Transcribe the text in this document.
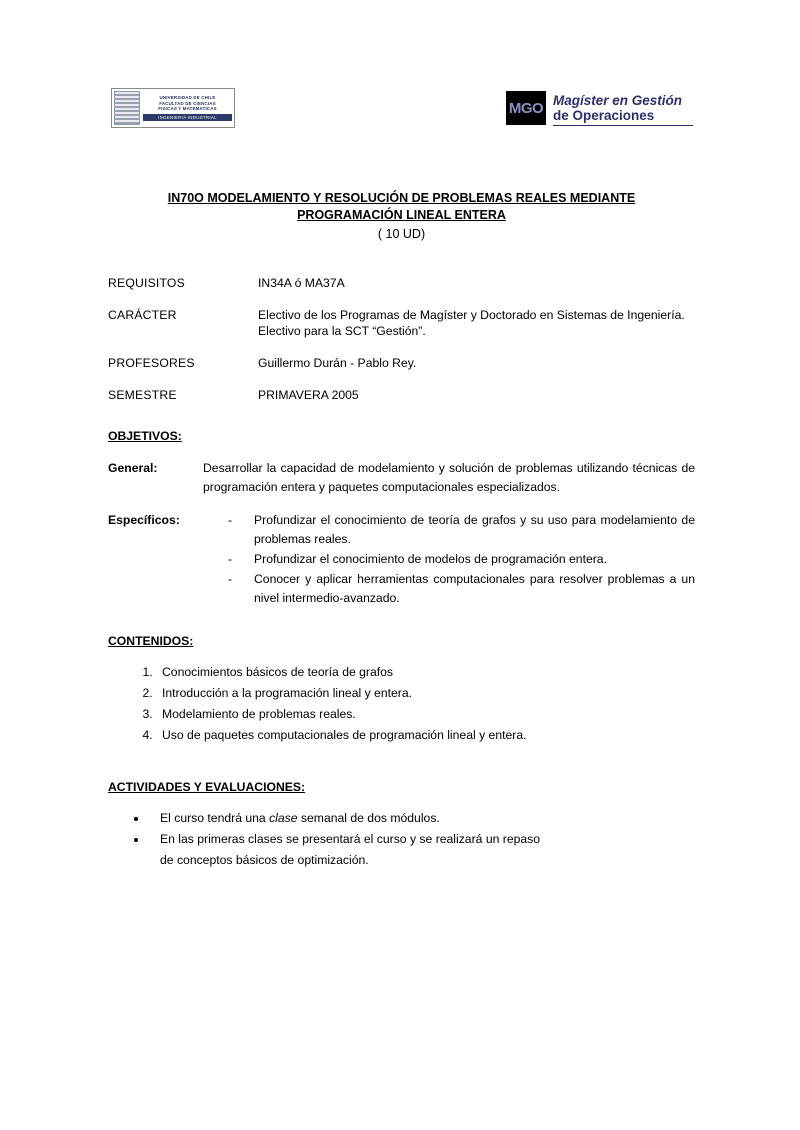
UNIVERSIDAD DE CHILE
FACULTAD DE CIENCIAS
FISICAS Y MATEMATICAS
INGENIERIA INDUSTRIAL
MGO Magíster en Gestión
de Operaciones
IN70O MODELAMIENTO Y RESOLUCIÓN DE PROBLEMAS REALES MEDIANTE
PROGRAMACIÓN LINEAL ENTERA
( 10 UD)
REQUISITOS	IN34A ó MA37A
CARÁCTER	Electivo de los Programas de Magíster y Doctorado en Sistemas de Ingeniería. Electivo para la SCT “Gestión”.
PROFESORES	Guillermo Durán - Pablo Rey.
SEMESTRE	PRIMAVERA 2005
OBJETIVOS:
General:	Desarrollar la capacidad de modelamiento y solución de problemas utilizando técnicas de programación entera y paquetes computacionales especializados.
Específicos:	-	Profundizar el conocimiento de teoría de grafos y su uso para modelamiento de problemas reales.
-	Profundizar el conocimiento de modelos de programación entera.
-	Conocer y aplicar herramientas computacionales para resolver problemas a un nivel intermedio-avanzado.
CONTENIDOS:
1. Conocimientos básicos de teoría de grafos
2. Introducción a la programación lineal y entera.
3. Modelamiento de problemas reales.
4. Uso de paquetes computacionales de programación lineal y entera.
ACTIVIDADES Y EVALUACIONES:
• El curso tendrá una clase semanal de dos módulos.
• En las primeras clases se presentará el curso y se realizará un repaso
de conceptos básicos de optimización.
